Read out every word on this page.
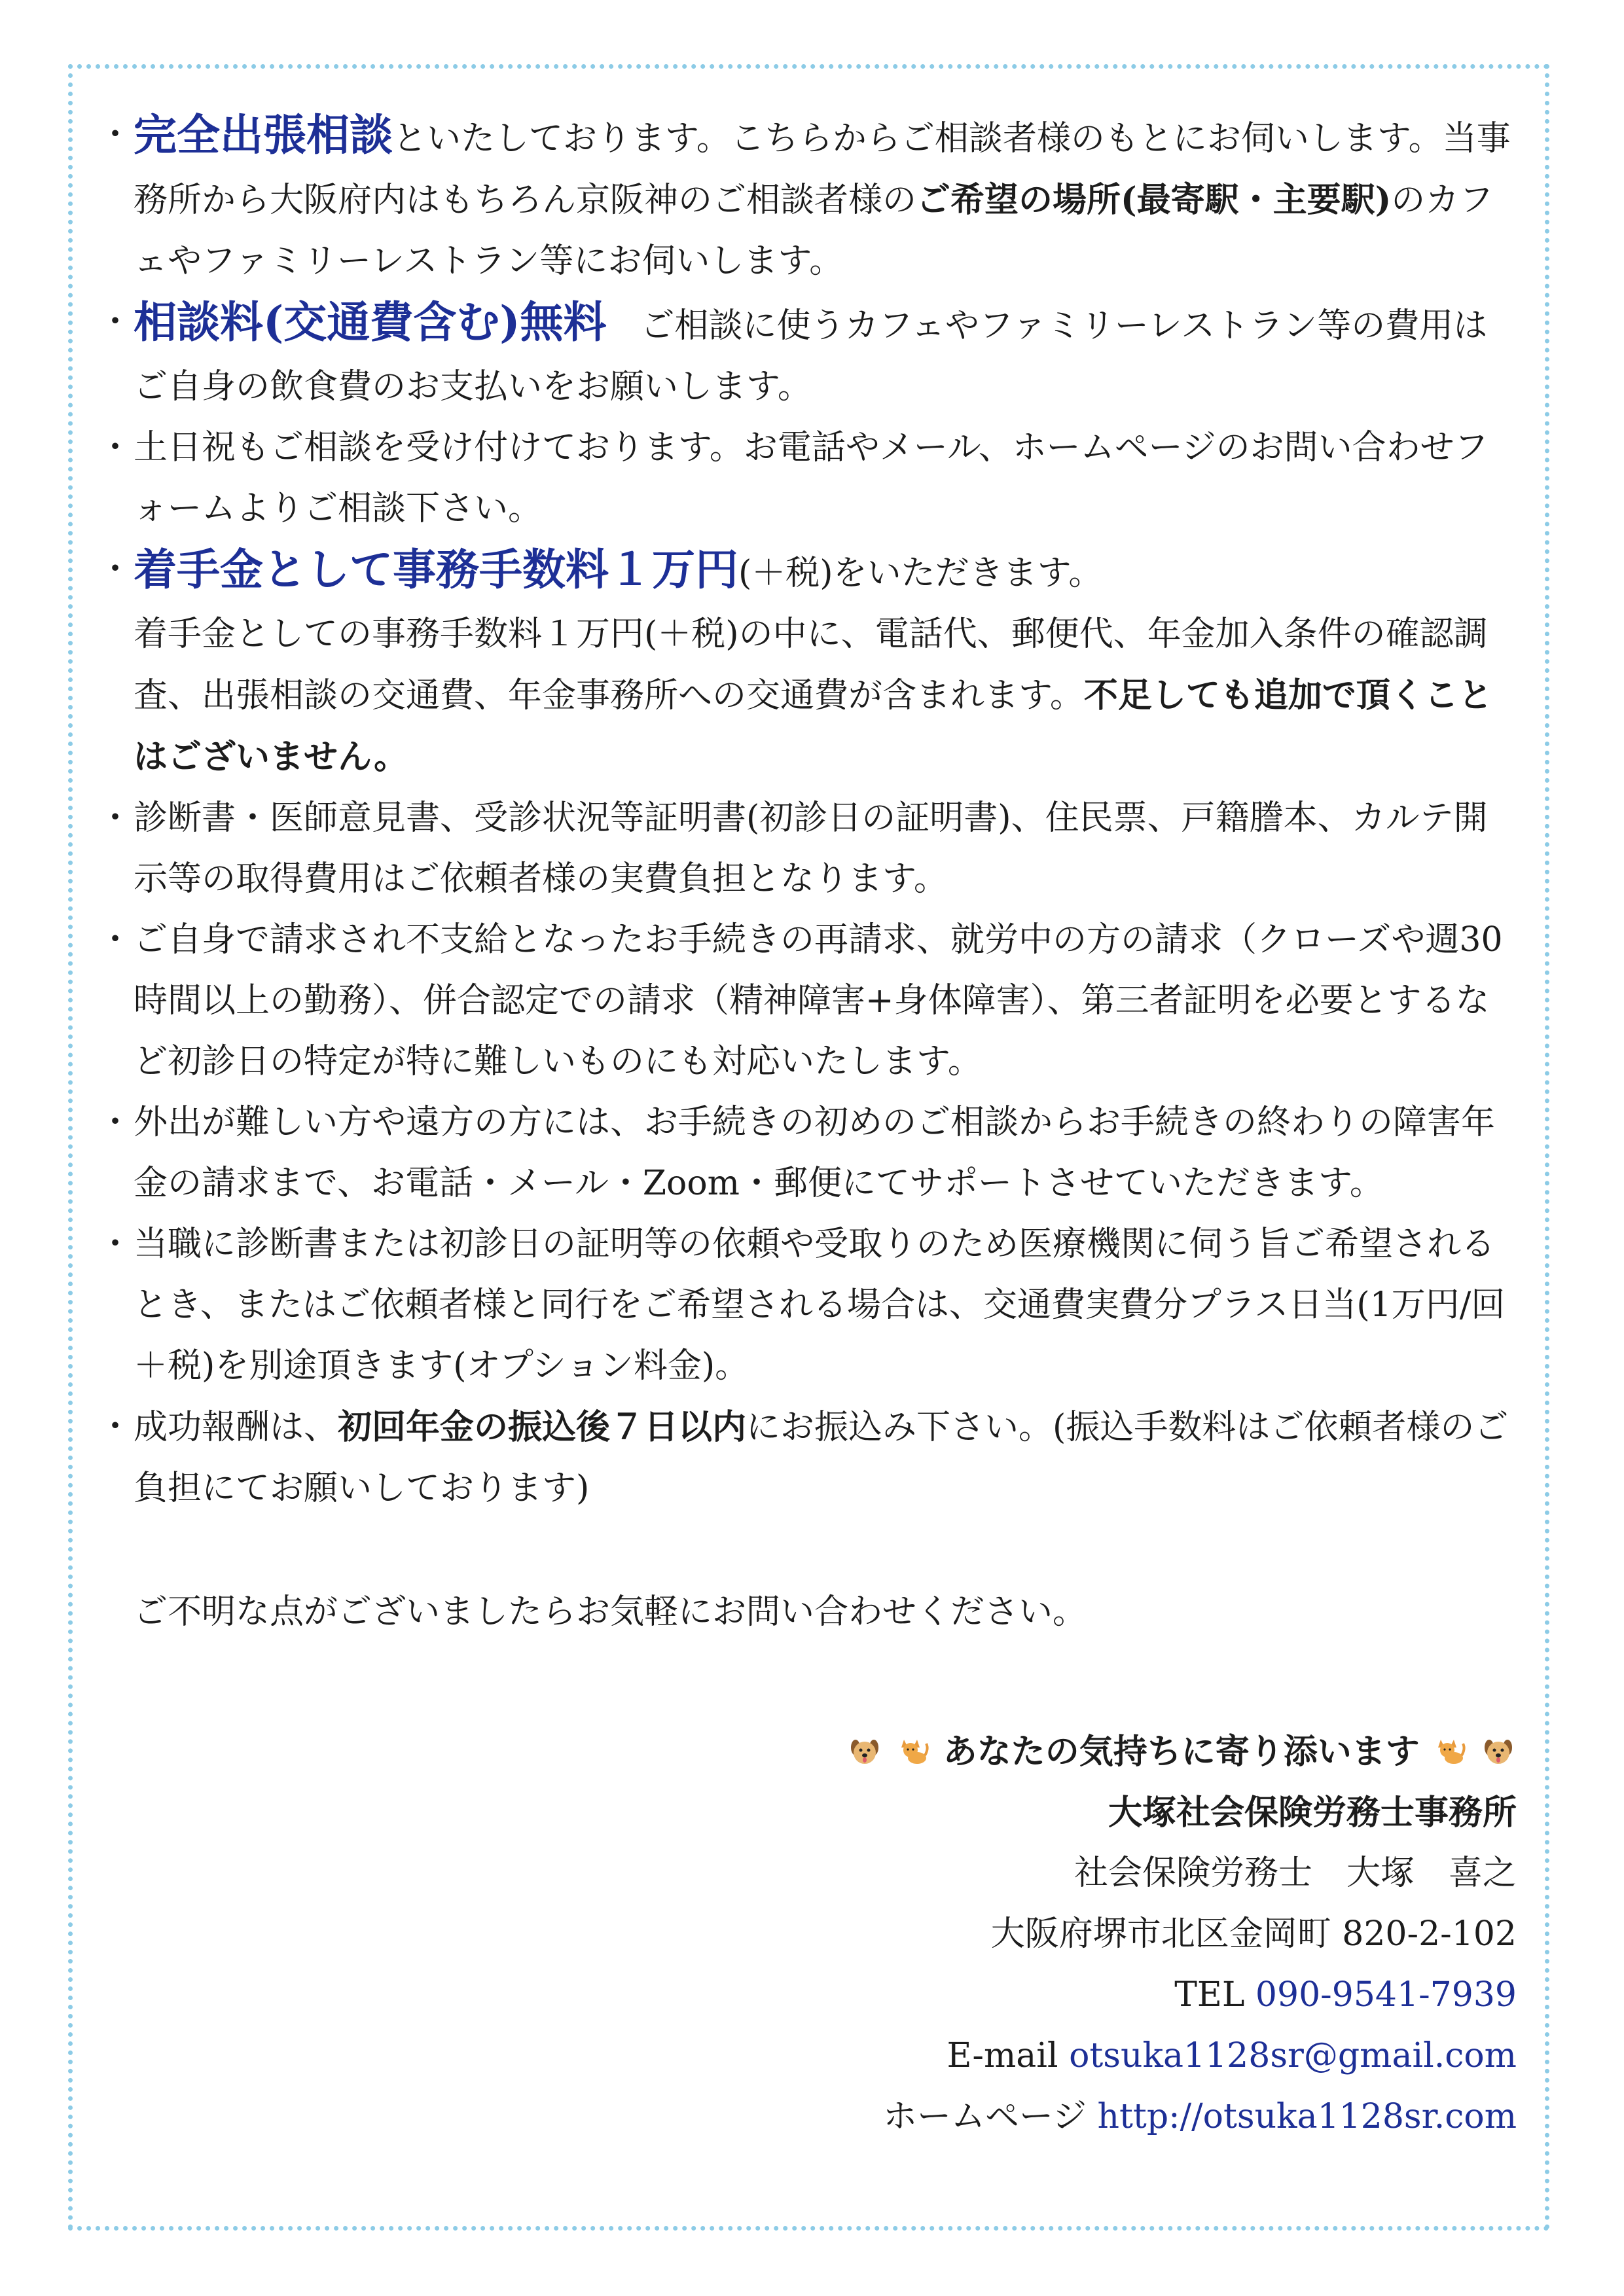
・ 完全出張相談といたしております。こちらからご相談者様のもとにお伺いします。当事務所から大阪府内はもちろん京阪神のご相談者様のご希望の場所(最寄駅・主要駅)のカフェやファミリーレストラン等にお伺いします。
・ 相談料(交通費含む)無料　ご相談に使うカフェやファミリーレストラン等の費用はご自身の飲食費のお支払いをお願いします。
・ 土日祝もご相談を受け付けております。お電話やメール、ホームページのお問い合わせフォームよりご相談下さい。
・ 着手金として事務手数料１万円(＋税)をいただきます。
着手金としての事務手数料１万円(＋税)の中に、電話代、郵便代、年金加入条件の確認調査、出張相談の交通費、年金事務所への交通費が含まれます。不足しても追加で頂くことはございません。
・ 診断書・医師意見書、受診状況等証明書(初診日の証明書)、住民票、戸籍謄本、カルテ開示等の取得費用はご依頼者様の実費負担となります。
・ ご自身で請求され不支給となったお手続きの再請求、就労中の方の請求（クローズや週30時間以上の勤務）、併合認定での請求（精神障害+身体障害）、第三者証明を必要とするなど初診日の特定が特に難しいものにも対応いたします。
・ 外出が難しい方や遠方の方には、お手続きの初めのご相談からお手続きの終わりの障害年金の請求まで、お電話・メール・Zoom・郵便にてサポートさせていただきます。
・ 当職に診断書または初診日の証明等の依頼や受取りのため医療機関に伺う旨ご希望されるとき、またはご依頼者様と同行をご希望される場合は、交通費実費分プラス日当(1万円/回＋税)を別途頂きます(オプション料金)。
・ 成功報酬は、初回年金の振込後７日以内にお振込み下さい。(振込手数料はご依頼者様のご負担にてお願いしております)
ご不明な点がございましたらお気軽にお問い合わせください。
あなたの気持ちに寄り添います
大塚社会保険労務士事務所
社会保険労務士　大塚　喜之
大阪府堺市北区金岡町 820-2-102
TEL 090-9541-7939
E-mail otsuka1128sr@gmail.com
ホームページ http://otsuka1128sr.com
